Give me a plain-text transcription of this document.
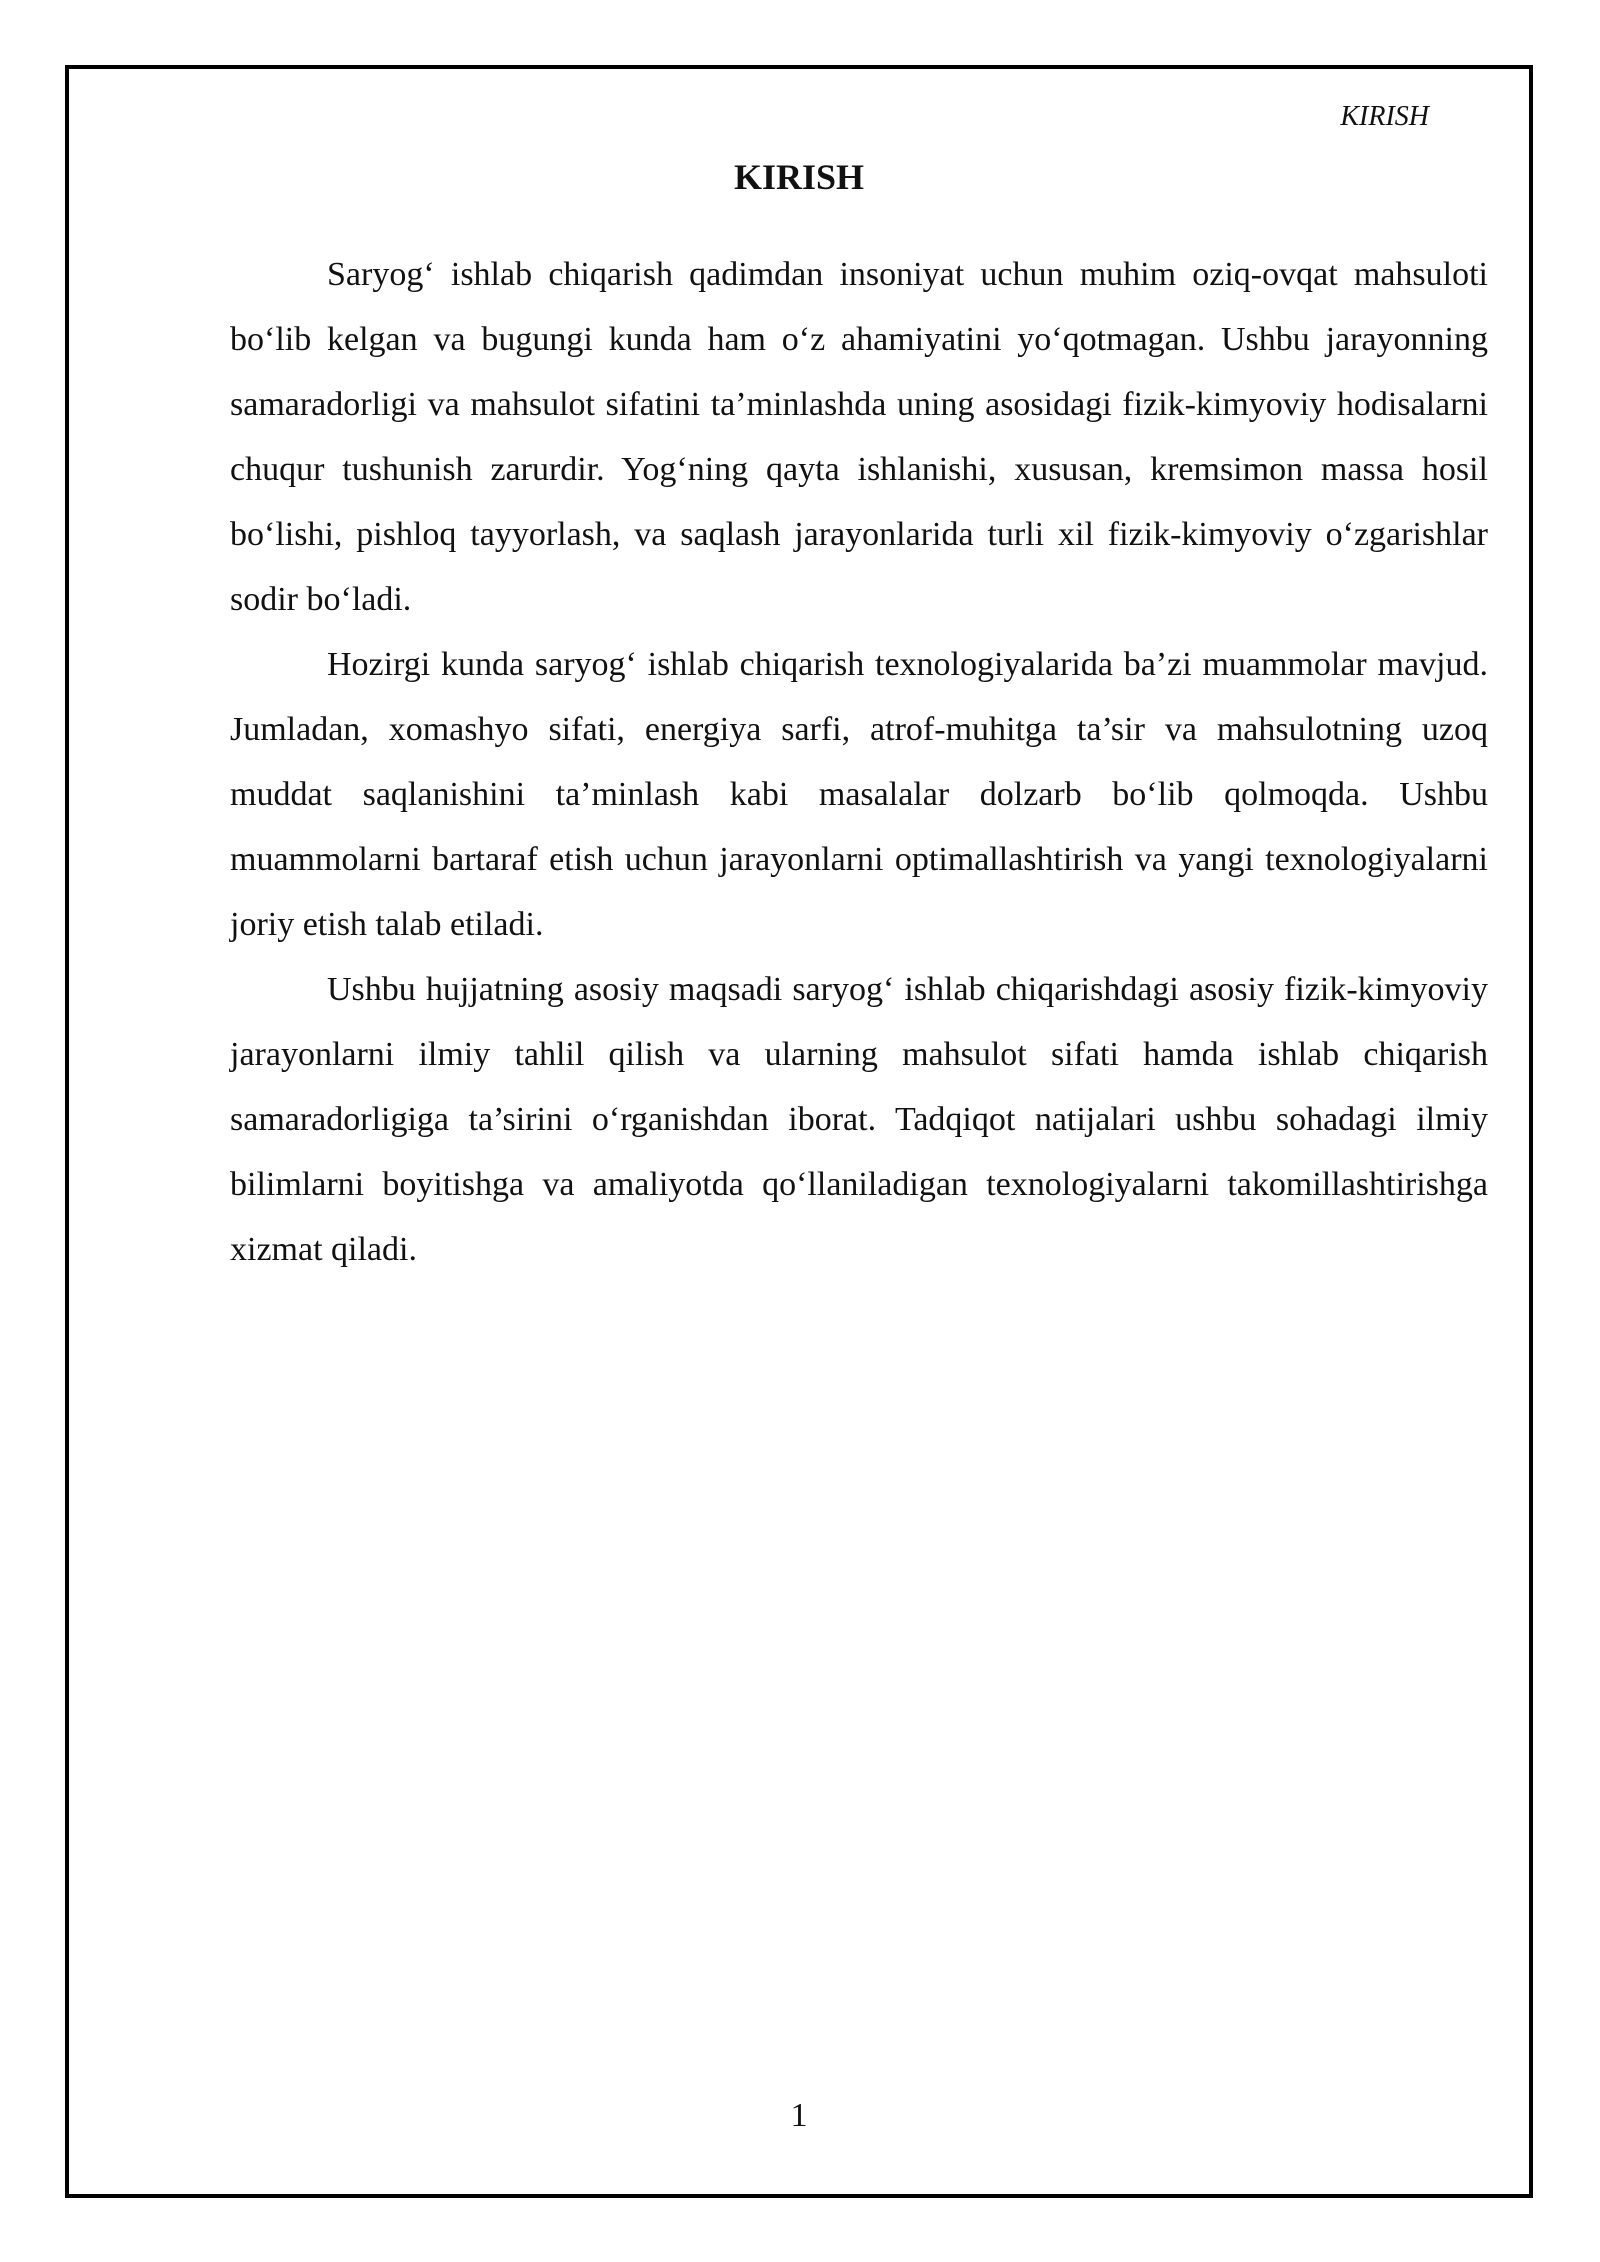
KIRISH
KIRISH

Saryog‘ ishlab chiqarish qadimdan insoniyat uchun muhim oziq-ovqat mahsuloti bo‘lib kelgan va bugungi kunda ham o‘z ahamiyatini yo‘qotmagan. Ushbu jarayonning samaradorligi va mahsulot sifatini ta’minlashda uning asosidagi fizik-kimyoviy hodisalarni chuqur tushunish zarurdir. Yog‘ning qayta ishlanishi, xususan, kremsimon massa hosil bo‘lishi, pishloq tayyorlash, va saqlash jarayonlarida turli xil fizik-kimyoviy o‘zgarishlar sodir bo‘ladi.

Hozirgi kunda saryog‘ ishlab chiqarish texnologiyalarida ba’zi muammolar mavjud. Jumladan, xomashyo sifati, energiya sarfi, atrof-muhitga ta’sir va mahsulotning uzoq muddat saqlanishini ta’minlash kabi masalalar dolzarb bo‘lib qolmoqda. Ushbu muammolarni bartaraf etish uchun jarayonlarni optimallashtirish va yangi texnologiyalarni joriy etish talab etiladi.

Ushbu hujjatning asosiy maqsadi saryog‘ ishlab chiqarishdagi asosiy fizik-kimyoviy jarayonlarni ilmiy tahlil qilish va ularning mahsulot sifati hamda ishlab chiqarish samaradorligiga ta’sirini o‘rganishdan iborat. Tadqiqot natijalari ushbu sohadagi ilmiy bilimlarni boyitishga va amaliyotda qo‘llaniladigan texnologiyalarni takomillashtirishga xizmat qiladi.

1
